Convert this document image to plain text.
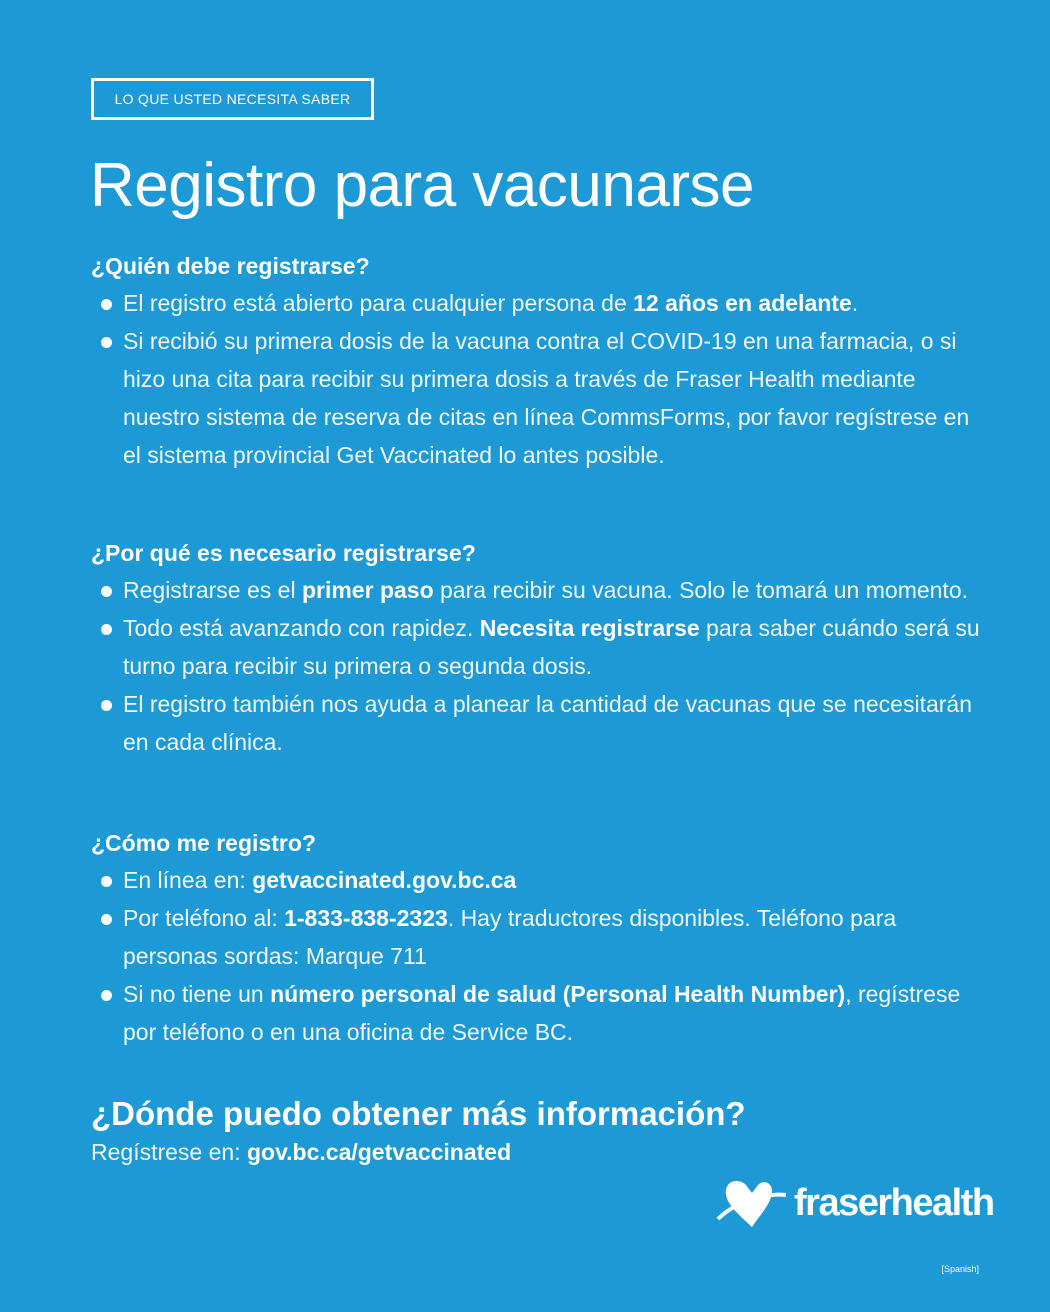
LO QUE USTED NECESITA SABER
Registro para vacunarse
¿Quién debe registrarse?
El registro está abierto para cualquier persona de 12 años en adelante.
Si recibió su primera dosis de la vacuna contra el COVID-19 en una farmacia, o si hizo una cita para recibir su primera dosis a través de Fraser Health mediante nuestro sistema de reserva de citas en línea CommsForms, por favor regístrese en el sistema provincial Get Vaccinated lo antes posible.
¿Por qué es necesario registrarse?
Registrarse es el primer paso para recibir su vacuna. Solo le tomará un momento.
Todo está avanzando con rapidez. Necesita registrarse para saber cuándo será su turno para recibir su primera o segunda dosis.
El registro también nos ayuda a planear la cantidad de vacunas que se necesitarán en cada clínica.
¿Cómo me registro?
En línea en: getvaccinated.gov.bc.ca
Por teléfono al: 1-833-838-2323. Hay traductores disponibles. Teléfono para personas sordas: Marque 711
Si no tiene un número personal de salud (Personal Health Number), regístrese por teléfono o en una oficina de Service BC.
¿Dónde puedo obtener más información?

Regístrese en: gov.bc.ca/getvaccinated

fraserhealth
[Spanish]
